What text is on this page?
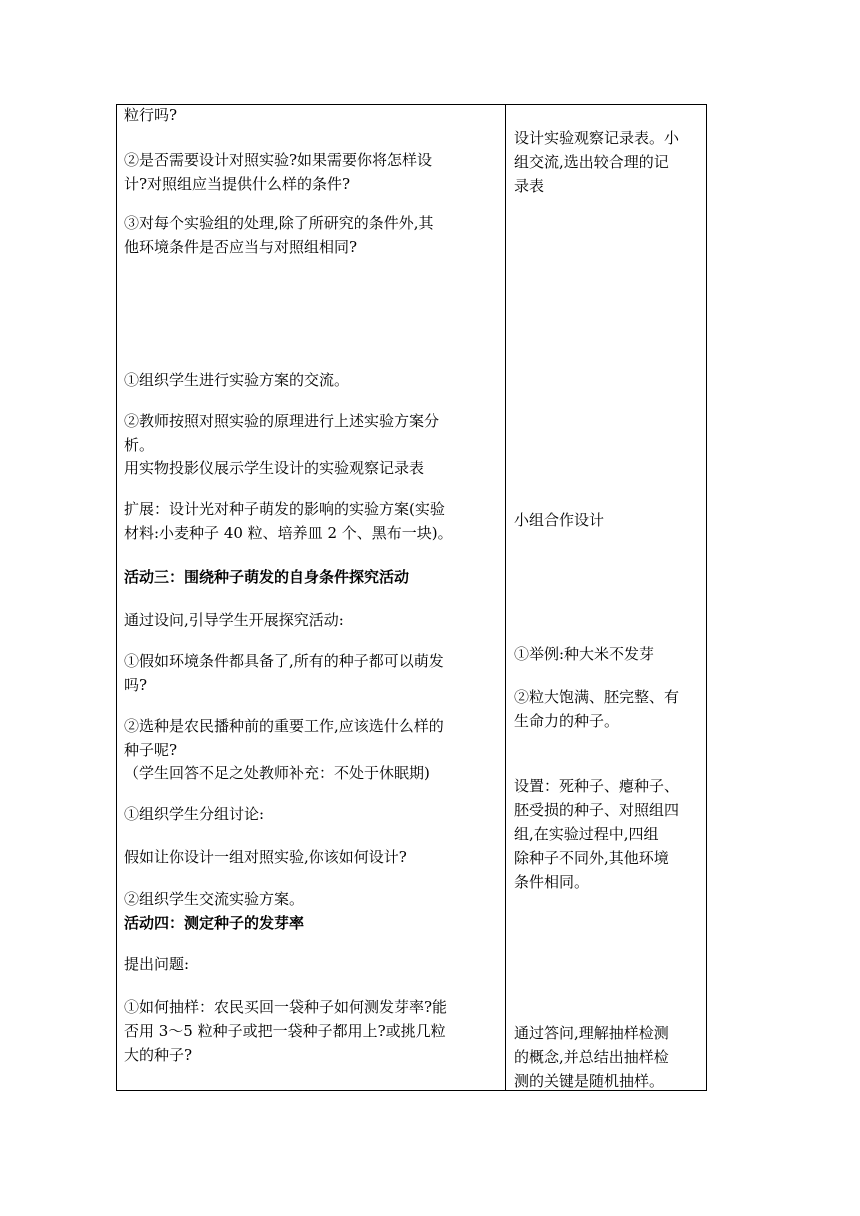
粒行吗?

②是否需要设计对照实验?如果需要你将怎样设

计?对照组应当提供什么样的条件?

③对每个实验组的处理,除了所研究的条件外,其

他环境条件是否应当与对照组相同?

①组织学生进行实验方案的交流。

②教师按照对照实验的原理进行上述实验方案分

析。

用实物投影仪展示学生设计的实验观察记录表

扩展：设计光对种子萌发的影响的实验方案(实验

材料:小麦种子 40 粒、培养皿 2 个、黑布一块)。

活动三：围绕种子萌发的自身条件探究活动

通过设问,引导学生开展探究活动:

①假如环境条件都具备了,所有的种子都可以萌发

吗?

②选种是农民播种前的重要工作,应该选什么样的

种子呢?

（学生回答不足之处教师补充：不处于休眠期)

①组织学生分组讨论:

假如让你设计一组对照实验,你该如何设计?

②组织学生交流实验方案。

活动四：测定种子的发芽率

提出问题:

①如何抽样：农民买回一袋种子如何测发芽率?能

否用 3～5 粒种子或把一袋种子都用上?或挑几粒

大的种子?

设计实验观察记录表。小

组交流,选出较合理的记

录表

小组合作设计

①举例:种大米不发芽

②粒大饱满、胚完整、有

生命力的种子。

设置：死种子、瘪种子、

胚受损的种子、对照组四

组,在实验过程中,四组

除种子不同外,其他环境

条件相同。

通过答问,理解抽样检测

的概念,并总结出抽样检

测的关键是随机抽样。
